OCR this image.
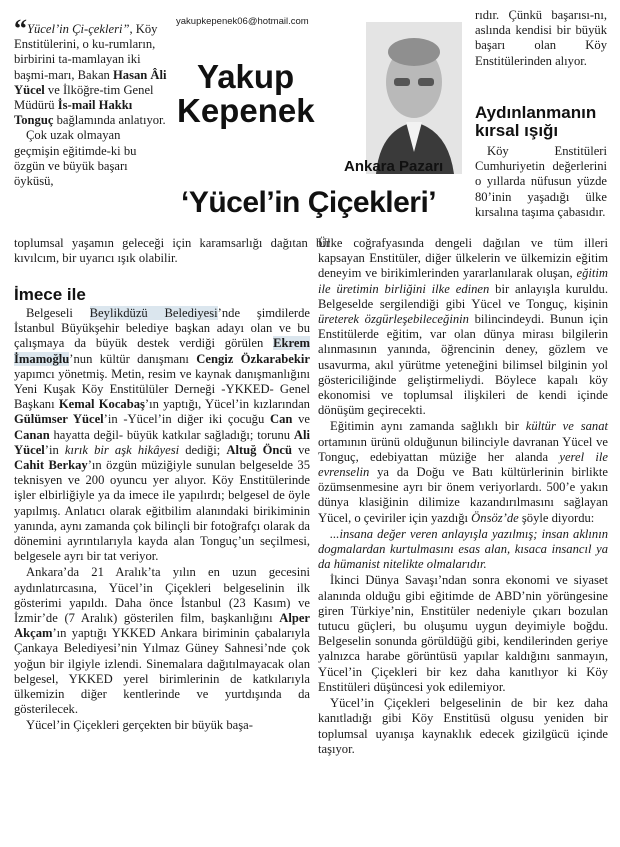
“Yücel’in Çi-çekleri”, Köy Enstitülerini, o ku-rumların, birbirini ta-mamlayan iki başmi-marı, Bakan Hasan Âli Yücel ve İlköğre-tim Genel Müdürü İs-mail Hakkı Tonguç bağlamında anlatıyor.
Çok uzak olmayan geçmişin eğitimde-ki bu özgün ve büyük başarı öyküsü,
toplumsal yaşamın geleceği için karamsarlığı dağıtan bir kıvılcım, bir uyarıcı ışık olabilir.
yakupkepenek06@hotmail.com
Yakup
Kepenek
Ankara Pazarı
‘Yücel’in Çiçekleri’

rıdır. Çünkü başarısı-nı, aslında kendisi bir büyük başarı olan Köy Enstitülerinden alıyor.

Aydınlanmanın kırsal ışığı

Köy Enstitüleri Cumhuriyetin değerlerini o yıllarda nüfusun yüzde 80’inin yaşadığı ülke kırsalına taşıma çabasıdır.

Ülke coğrafyasında dengeli dağılan ve tüm illeri kapsayan Enstitüler, diğer ülkelerin ve ülkemizin eğitim deneyim ve birikimlerinden yararlanılarak oluşan, eğitim ile üretimin birliğini ilke edinen bir anlayışla kuruldu. Belgeselde sergilendiği gibi Yücel ve Tonguç, kişinin üreterek özgürleşebileceğinin bilincindeydi. Bunun için Enstitülerde eğitim, var olan dünya mirası bilgilerin alınmasının yanında, öğrencinin deney, gözlem ve usavurma, akıl yürütme yeteneğini bilimsel bilginin yol göstericiliğinde geliştirmeliydi. Böylece kapalı köy ekonomisi ve toplumsal ilişkileri de kendi içinde dönüşüm geçirecekti.

Eğitimin aynı zamanda sağlıklı bir kültür ve sanat ortamının ürünü olduğunun bilinciyle davranan Yücel ve Tonguç, edebiyattan müziğe her alanda yerel ile evrenselin ya da Doğu ve Batı kültürlerinin birlikte özümsenmesine ayrı bir önem veriyorlardı. 500’e yakın dünya klasiğinin dilimize kazandırılmasını sağlayan Yücel, o çeviriler için yazdığı Önsöz’de şöyle diyordu:

...insana değer veren anlayışla yazılmış; insan aklının dogmalardan kurtulmasını esas alan, kısaca insancıl ya da hümanist nitelikte olmalarıdır.

İkinci Dünya Savaşı’ndan sonra ekonomi ve siyaset alanında olduğu gibi eğitimde de ABD’nin yörüngesine giren Türkiye’nin, Enstitüler nedeniyle çıkarı bozulan tutucu güçleri, bu oluşumu uygun deyimiyle boğdu. Belgeselin sonunda görüldüğü gibi, kendilerinden geriye yalnızca harabe görüntüsü yapılar kaldığını sanmayın, Yücel’in Çiçekleri bir kez daha kanıtlıyor ki Köy Enstitüleri düşüncesi yok edilemiyor.

Yücel’in Çiçekleri belgeselinin de bir kez daha kanıtladığı gibi Köy Enstitüsü olgusu yeniden bir toplumsal uyanışa kaynaklık edecek gizilgücü içinde taşıyor.

İmece ile

Belgeseli Beylikdüzü Belediyesi’nde şimdilerde İstanbul Büyükşehir belediye başkan adayı olan ve bu çalışmaya da büyük destek verdiği görülen Ekrem İmamoğlu’nun kültür danışmanı Cengiz Özkarabekir yapımcı yönetmiş. Metin, resim ve kaynak danışmanlığını Yeni Kuşak Köy Enstitülüler Derneği -YKKED- Genel Başkanı Kemal Kocabaş’ın yaptığı, Yücel’in kızlarından Gülümser Yücel’in -Yücel’in diğer iki çocuğu Can ve Canan hayatta değil- büyük katkılar sağladığı; torunu Ali Yücel’in kırık bir aşk hikâyesi dediği; Altuğ Öncü ve Cahit Berkay’ın özgün müziğiyle sunulan belgeselde 35 teknisyen ve 200 oyuncu yer alıyor. Köy Enstitülerinde işler elbirliğiyle ya da imece ile yapılırdı; belgesel de öyle yapılmış. Anlatıcı olarak eğitbilim alanındaki birikiminin yanında, aynı zamanda çok bilinçli bir fotoğrafçı olarak da dönemini ayrıntılarıyla kayda alan Tonguç’un seçilmesi, belgesele ayrı bir tat veriyor.

Ankara’da 21 Aralık’ta yılın en uzun gecesini aydınlatırcasına, Yücel’in Çiçekleri belgeselinin ilk gösterimi yapıldı. Daha önce İstanbul (23 Kasım) ve İzmir’de (7 Aralık) gösterilen film, başkanlığını Alper Akçam’ın yaptığı YKKED Ankara biriminin çabalarıyla Çankaya Belediyesi’nin Yılmaz Güney Sahnesi’nde çok yoğun bir ilgiyle izlendi. Sinemalara dağıtılmayacak olan belgesel, YKKED yerel birimlerinin de katkılarıyla ülkemizin diğer kentlerinde ve yurtdışında da gösterilecek.

Yücel’in Çiçekleri gerçekten bir büyük başa-
